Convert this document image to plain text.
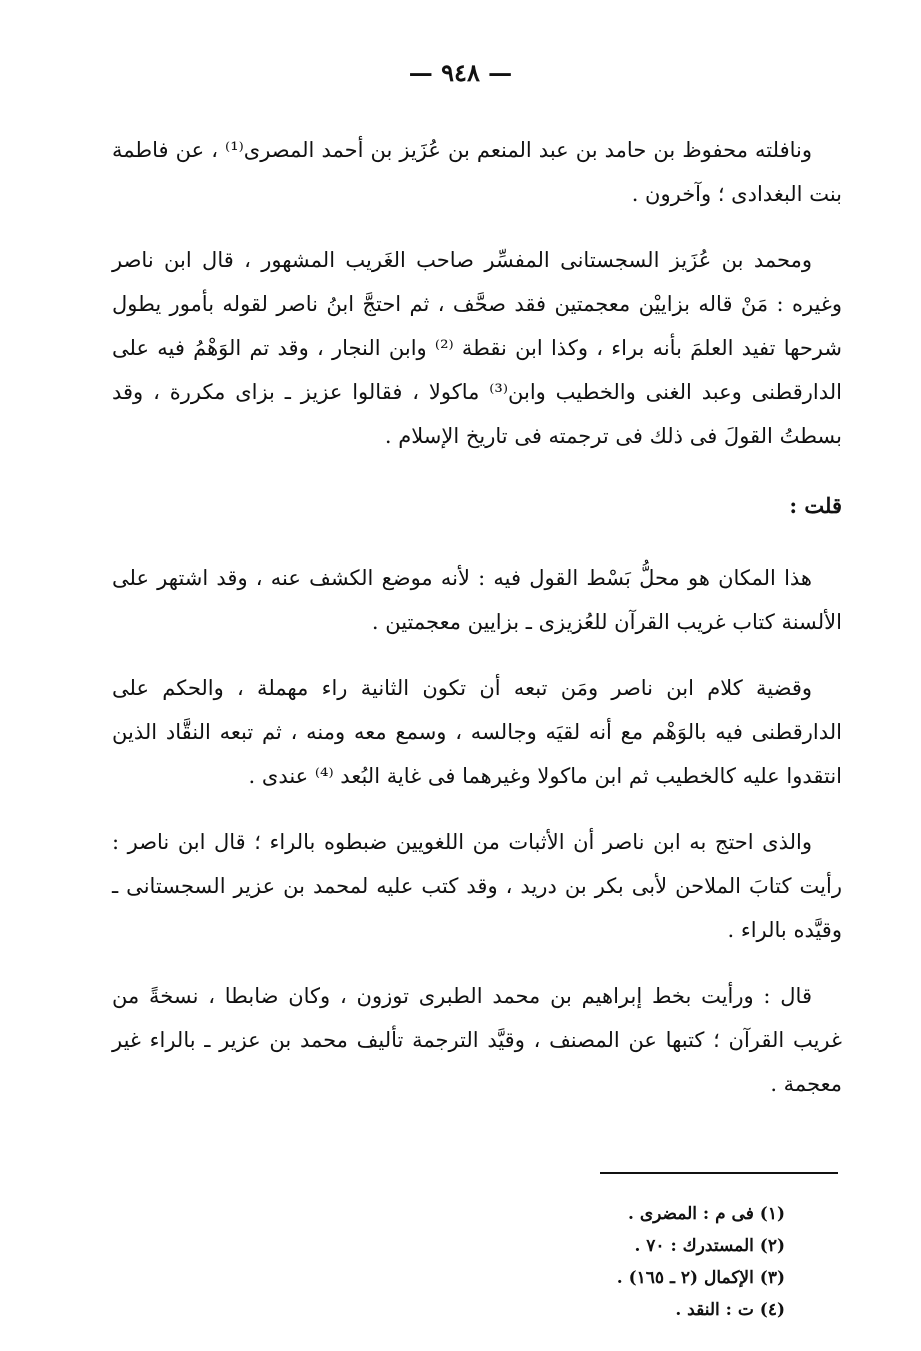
— ٩٤٨ —

ونافلته محفوظ بن حامد بن عبد المنعم بن عُزَيز بن أحمد المصرى⁽¹⁾ ، عن فاطمة بنت البغدادى ؛ وآخرون .

ومحمد بن عُزَيز السجستانى المفسِّر صاحب الغَريب المشهور ، قال ابن ناصر وغيره : مَنْ قاله بزاييْن معجمتين فقد صحَّف ، ثم احتجَّ ابنُ ناصر لقوله بأمور يطول شرحها تفيد العلمَ بأنه براء ، وكذا ابن نقطة ⁽²⁾ وابن النجار ، وقد تم الوَهْمُ فيه على الدارقطنى وعبد الغنى والخطيب وابن⁽³⁾ ماكولا ، فقالوا عزيز ـ بزاى مكررة ، وقد بسطتُ القولَ فى ذلك فى ترجمته فى تاريخ الإسلام .

قلت :

هذا المكان هو محلُّ بَسْط القول فيه : لأنه موضع الكشف عنه ، وقد اشتهر على الألسنة كتاب غريب القرآن للعُزيزى ـ بزايين معجمتين .

وقضية كلام ابن ناصر ومَن تبعه أن تكون الثانية راء مهملة ، والحكم على الدارقطنى فيه بالوَهْم مع أنه لقيَه وجالسه ، وسمع معه ومنه ، ثم تبعه النقَّاد الذين انتقدوا عليه كالخطيب ثم ابن ماكولا وغيرهما فى غاية البُعد ⁽⁴⁾ عندى .

والذى احتج به ابن ناصر أن الأثبات من اللغويين ضبطوه بالراء ؛ قال ابن ناصر : رأيت كتابَ الملاحن لأبى بكر بن دريد ، وقد كتب عليه لمحمد بن عزير السجستانى ـ وقيَّده بالراء .

قال : ورأيت بخط إبراهيم بن محمد الطبرى توزون ، وكان ضابطا ، نسخةً من غريب القرآن ؛ كتبها عن المصنف ، وقيَّد الترجمة تأليف محمد بن عزير ـ بالراء غير معجمة .

(١) فى م : المضرى .
(٢) المستدرك : ٧٠ .
(٣) الإكمال (٢ ـ ١٦٥) .
(٤) ت : النقد .
